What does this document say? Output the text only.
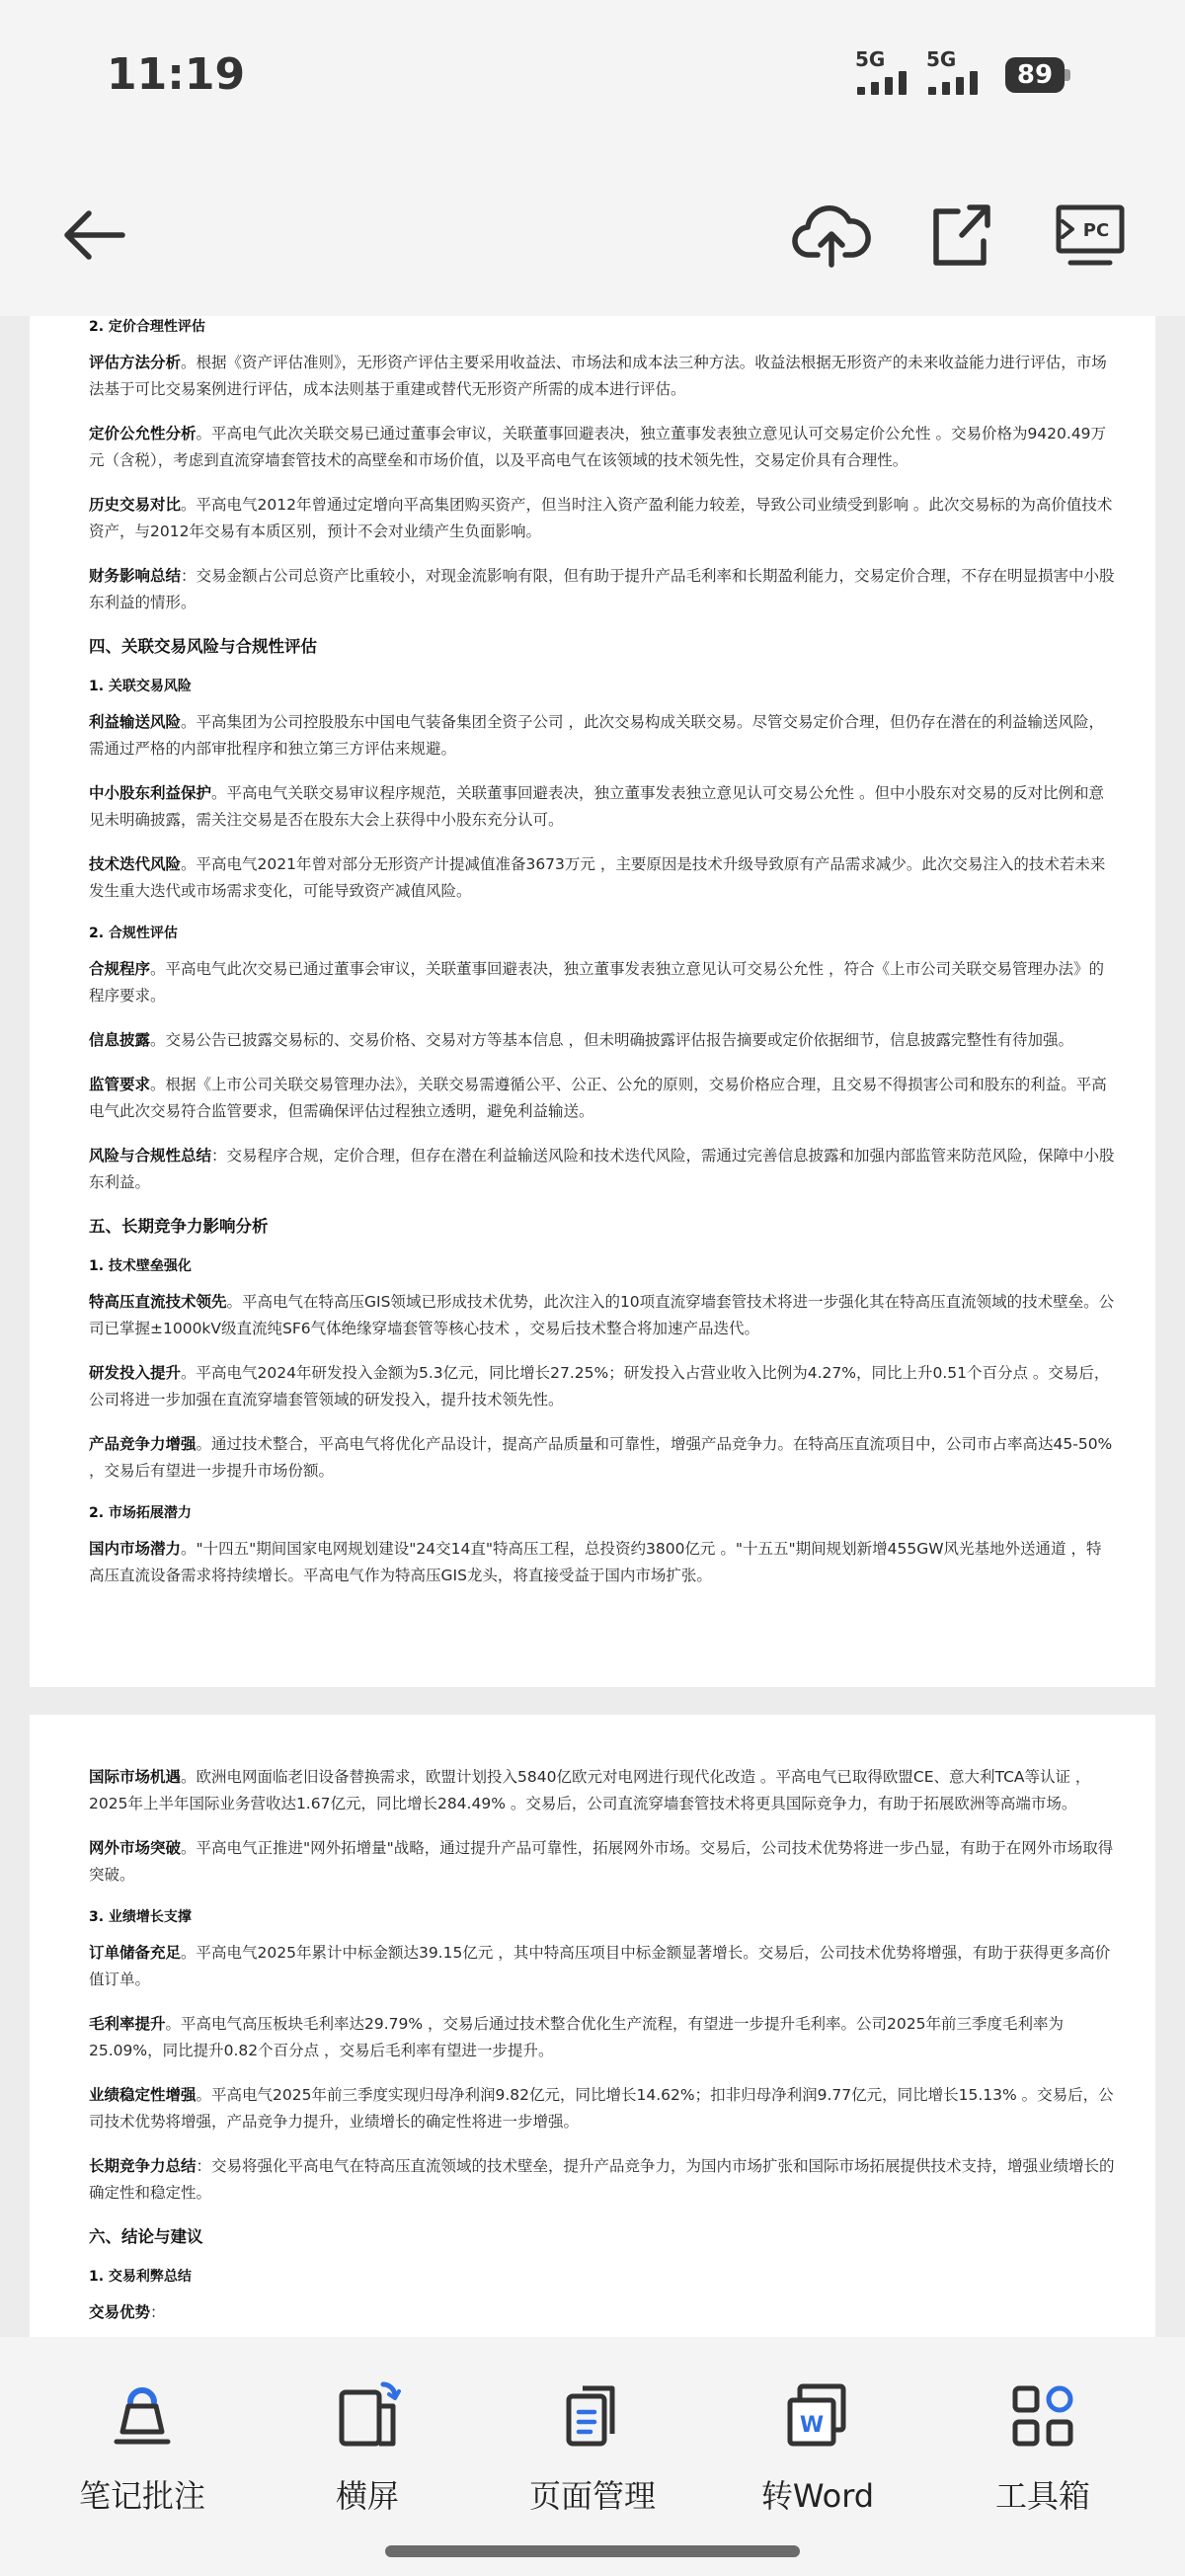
11:19	5G 5G
89
PC
2. 定价合理性评估

评估方法分析。根据《资产评估准则》，无形资产评估主要采用收益法、市场法和成本法三种方法。收益法根据无形资产的未来收益能力进行评估，市场法基于可比交易案例进行评估，成本法则基于重建或替代无形资产所需的成本进行评估。

定价公允性分析。平高电气此次关联交易已通过董事会审议，关联董事回避表决，独立董事发表独立意见认可交易定价公允性 。交易价格为9420.49万元（含税），考虑到直流穿墙套管技术的高壁垒和市场价值，以及平高电气在该领域的技术领先性，交易定价具有合理性。

历史交易对比。平高电气2012年曾通过定增向平高集团购买资产，但当时注入资产盈利能力较差，导致公司业绩受到影响 。此次交易标的为高价值技术资产，与2012年交易有本质区别，预计不会对业绩产生负面影响。

财务影响总结：交易金额占公司总资产比重较小，对现金流影响有限，但有助于提升产品毛利率和长期盈利能力，交易定价合理，不存在明显损害中小股东利益的情形。

四、关联交易风险与合规性评估
1. 关联交易风险

利益输送风险。平高集团为公司控股股东中国电气装备集团全资子公司 ，此次交易构成关联交易。尽管交易定价合理，但仍存在潜在的利益输送风险，需通过严格的内部审批程序和独立第三方评估来规避。

中小股东利益保护。平高电气关联交易审议程序规范，关联董事回避表决，独立董事发表独立意见认可交易公允性 。但中小股东对交易的反对比例和意见未明确披露，需关注交易是否在股东大会上获得中小股东充分认可。

技术迭代风险。平高电气2021年曾对部分无形资产计提减值准备3673万元 ，主要原因是技术升级导致原有产品需求减少。此次交易注入的技术若未来发生重大迭代或市场需求变化，可能导致资产减值风险。

2. 合规性评估

合规程序。平高电气此次交易已通过董事会审议，关联董事回避表决，独立董事发表独立意见认可交易公允性 ，符合《上市公司关联交易管理办法》的程序要求。

信息披露。交易公告已披露交易标的、交易价格、交易对方等基本信息 ，但未明确披露评估报告摘要或定价依据细节，信息披露完整性有待加强。

监管要求。根据《上市公司关联交易管理办法》，关联交易需遵循公平、公正、公允的原则，交易价格应合理，且交易不得损害公司和股东的利益。平高电气此次交易符合监管要求，但需确保评估过程独立透明，避免利益输送。

风险与合规性总结：交易程序合规，定价合理，但存在潜在利益输送风险和技术迭代风险，需通过完善信息披露和加强内部监管来防范风险，保障中小股东利益。

五、长期竞争力影响分析
1. 技术壁垒强化

特高压直流技术领先。平高电气在特高压GIS领域已形成技术优势，此次注入的10项直流穿墙套管技术将进一步强化其在特高压直流领域的技术壁垒。公司已掌握±1000kV级直流纯SF6气体绝缘穿墙套管等核心技术 ，交易后技术整合将加速产品迭代。

研发投入提升。平高电气2024年研发投入金额为5.3亿元，同比增长27.25%；研发投入占营业收入比例为4.27%，同比上升0.51个百分点 。交易后，公司将进一步加强在直流穿墙套管领域的研发投入，提升技术领先性。

产品竞争力增强。通过技术整合，平高电气将优化产品设计，提高产品质量和可靠性，增强产品竞争力。在特高压直流项目中，公司市占率高达45-50% ，交易后有望进一步提升市场份额。

2. 市场拓展潜力

国内市场潜力。"十四五"期间国家电网规划建设"24交14直"特高压工程，总投资约3800亿元 。"十五五"期间规划新增455GW风光基地外送通道 ，特高压直流设备需求将持续增长。平高电气作为特高压GIS龙头，将直接受益于国内市场扩张。

国际市场机遇。欧洲电网面临老旧设备替换需求，欧盟计划投入5840亿欧元对电网进行现代化改造 。平高电气已取得欧盟CE、意大利TCA等认证 ，2025年上半年国际业务营收达1.67亿元，同比增长284.49% 。交易后，公司直流穿墙套管技术将更具国际竞争力，有助于拓展欧洲等高端市场。

网外市场突破。平高电气正推进"网外拓增量"战略，通过提升产品可靠性，拓展网外市场。交易后，公司技术优势将进一步凸显，有助于在网外市场取得突破。

3. 业绩增长支撑

订单储备充足。平高电气2025年累计中标金额达39.15亿元 ，其中特高压项目中标金额显著增长。交易后，公司技术优势将增强，有助于获得更多高价值订单。

毛利率提升。平高电气高压板块毛利率达29.79% ，交易后通过技术整合优化生产流程，有望进一步提升毛利率。公司2025年前三季度毛利率为25.09%，同比提升0.82个百分点 ，交易后毛利率有望进一步提升。

业绩稳定性增强。平高电气2025年前三季度实现归母净利润9.82亿元，同比增长14.62%；扣非归母净利润9.77亿元，同比增长15.13% 。交易后，公司技术优势将增强，产品竞争力提升，业绩增长的确定性将进一步增强。

长期竞争力总结：交易将强化平高电气在特高压直流领域的技术壁垒，提升产品竞争力，为国内市场扩张和国际市场拓展提供技术支持，增强业绩增长的确定性和稳定性。

六、结论与建议
1. 交易利弊总结

交易优势：

笔记批注	横屏	页面管理
W
转Word	工具箱
